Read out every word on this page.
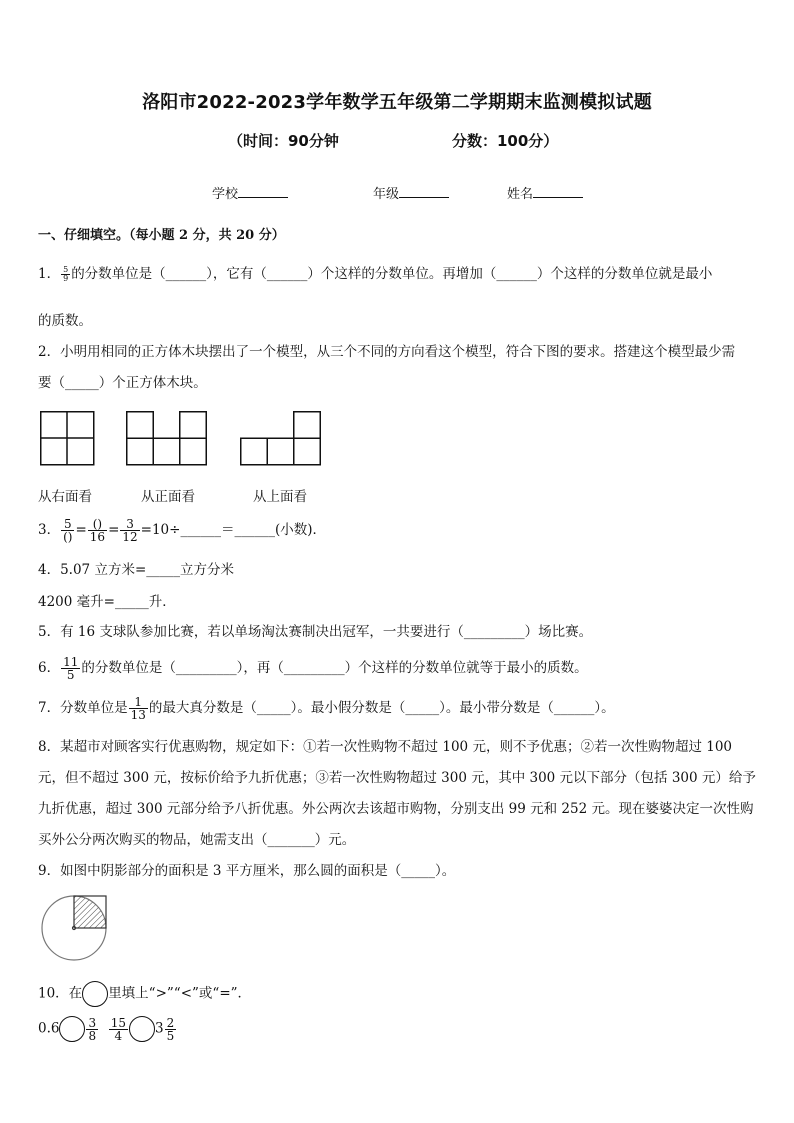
洛阳市2022-2023学年数学五年级第二学期期末监测模拟试题
（时间：90分钟	分数：100分）
学校	年级	姓名
一、仔细填空。（每小题 2 分，共 20 分）
1． $\frac{5}{9}$ 的分数单位是（______），它有（______）个这样的分数单位。再增加（______）个这样的分数单位就是最小
的质数。
2．小明用相同的正方体木块摆出了一个模型，从三个不同的方向看这个模型，符合下图的要求。搭建这个模型最少需
要（_____）个正方体木块。
从右面看	从正面看	从上面看
3． $\frac{5}{()} = \frac{()}{16} = \frac{3}{12}$ =10÷______＝______(小数)．
4．5.07 立方米=_____立方分米
4200 毫升=_____升．
5．有 16 支球队参加比赛，若以单场淘汰赛制决出冠军，一共要进行（_________）场比赛。
6． $\frac{11}{5}$ 的分数单位是（_________），再（_________）个这样的分数单位就等于最小的质数。
7．分数单位是 $\frac{1}{13}$ 的最大真分数是（_____）。最小假分数是（_____）。最小带分数是（______）。
8．某超市对顾客实行优惠购物，规定如下：①若一次性购物不超过 100 元，则不予优惠；②若一次性购物超过 100
元，但不超过 300 元，按标价给予九折优惠；③若一次性购物超过 300 元，其中 300 元以下部分（包括 300 元）给予
九折优惠，超过 300 元部分给予八折优惠。外公两次去该超市购物，分别支出 99 元和 252 元。现在婆婆决定一次性购
买外公分两次购买的物品，她需支出（_______）元。
9．如图中阴影部分的面积是 3 平方厘米，那么圆的面积是（_____）。
10．在 里填上“>”“<”或“=”．
$0.6 \frac{3}{8}$
$\frac{15}{4} 3 \frac{2}{5}$
